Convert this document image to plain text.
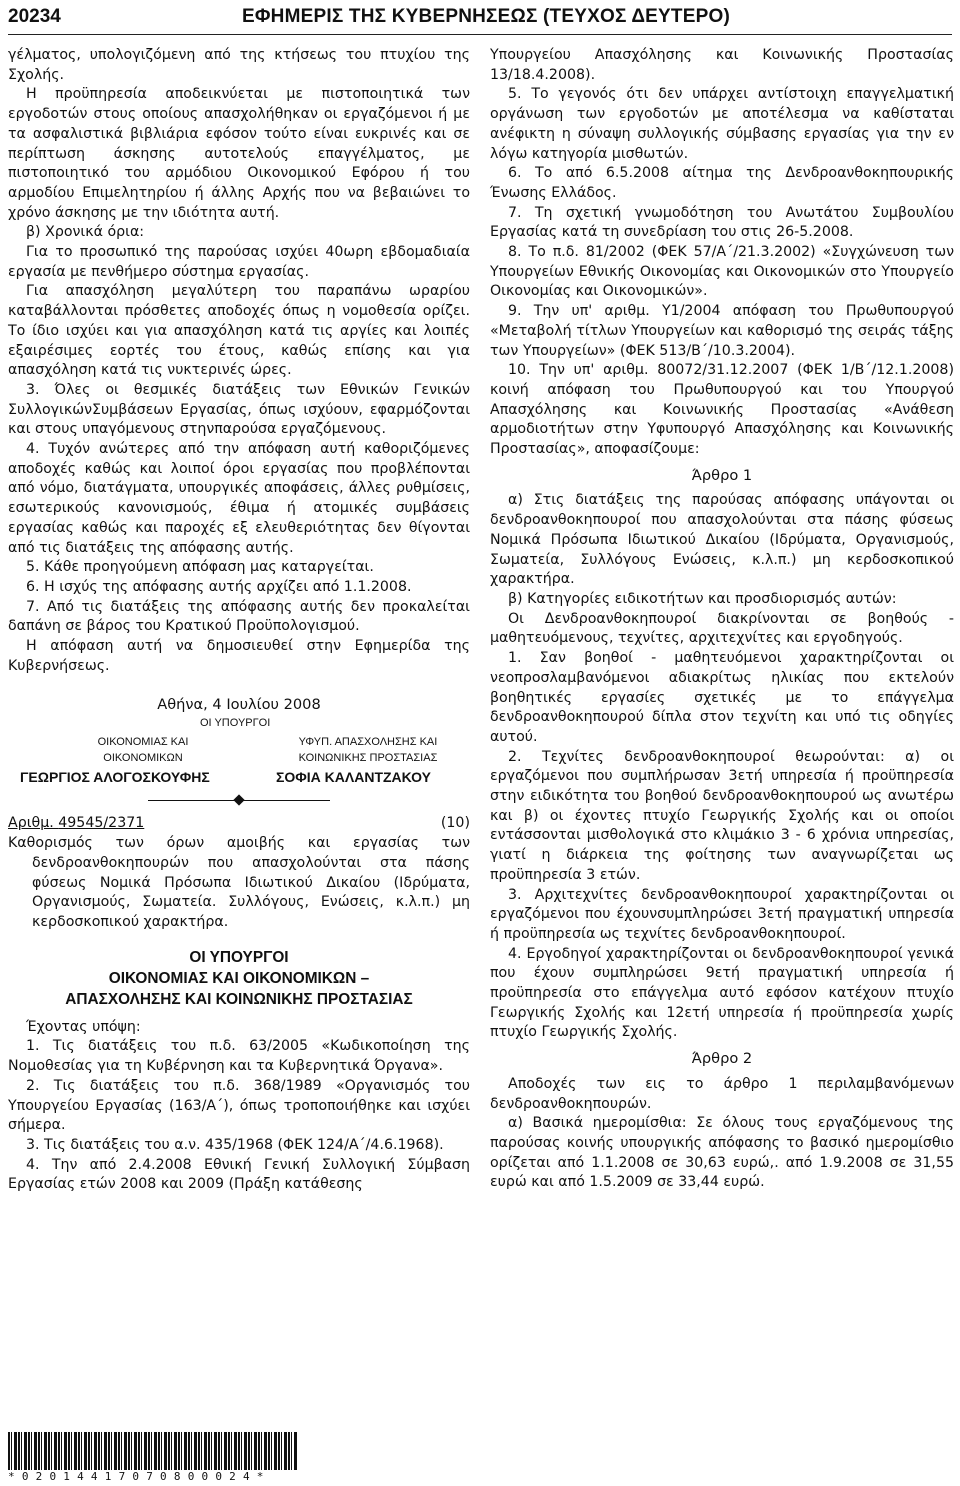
20234	ΕΦΗΜΕΡΙΣ ΤΗΣ ΚΥΒΕΡΝΗΣΕΩΣ (ΤΕΥΧΟΣ ΔΕΥΤΕΡΟ)

γέλματος, υπολογιζόμενη από της κτήσεως του πτυχίου της Σχολής.

Η προϋπηρεσία αποδεικνύεται με πιστοποιητικά των εργοδοτών στους οποίους απασχολήθηκαν οι εργαζόμενοι ή με τα ασφαλιστικά βιβλιάρια εφόσον τούτο είναι ευκρινές και σε περίπτωση άσκησης αυτοτελούς επαγγέλματος, με πιστοποιητικό του αρμόδιου Οικονομικού Εφόρου ή του αρμοδίου Επιμελητηρίου ή άλλης Αρχής που να βεβαιώνει το χρόνο άσκησης με την ιδιότητα αυτή.

β) Χρονικά όρια:

Για το προσωπικό της παρούσας ισχύει 40ωρη εβδομαδιαία εργασία με πενθήμερο σύστημα εργασίας.

Για απασχόληση μεγαλύτερη του παραπάνω ωραρίου καταβάλλονται πρόσθετες αποδοχές όπως η νομοθεσία ορίζει. Το ίδιο ισχύει και για απασχόληση κατά τις αργίες και λοιπές εξαιρέσιμες εορτές του έτους, καθώς επίσης και για απασχόληση κατά τις νυκτερινές ώρες.

3. Όλες οι θεσμικές διατάξεις των Εθνικών Γενικών ΣυλλογικώνΣυμβάσεων Εργασίας, όπως ισχύουν, εφαρμόζονται και στους υπαγόμενους στηνπαρούσα εργαζόμενους.

4. Τυχόν ανώτερες από την απόφαση αυτή καθοριζόμενες αποδοχές καθώς και λοιποί όροι εργασίας που προβλέπονται από νόμο, διατάγματα, υπουργικές αποφάσεις, άλλες ρυθμίσεις, εσωτερικούς κανονισμούς, έθιμα ή ατομικές συμβάσεις εργασίας καθώς και παροχές εξ ελευθεριότητας δεν θίγονται από τις διατάξεις της απόφασης αυτής.

5. Κάθε προηγούμενη απόφαση μας καταργείται.

6. Η ισχύς της απόφασης αυτής αρχίζει από 1.1.2008.

7. Από τις διατάξεις της απόφασης αυτής δεν προκαλείται δαπάνη σε βάρος του Κρατικού Προϋπολογισμού.

Η απόφαση αυτή να δημοσιευθεί στην Εφημερίδα της Κυβερνήσεως.

Αθήνα, 4 Ιουλίου 2008

ΟΙ ΥΠΟΥΡΓΟΙ
ΟΙΚΟΝΟΜΙΑΣ ΚΑΙ
ΟΙΚΟΝΟΜΙΚΩΝ
ΥΦΥΠ. ΑΠΑΣΧΟΛΗΣΗΣ ΚΑΙ
ΚΟΙΝΩΝΙΚΗΣ ΠΡΟΣΤΑΣΙΑΣ
ΓΕΩΡΓΙΟΣ ΑΛΟΓΟΣΚΟΥΦΗΣ	ΣΟΦΙΑ ΚΑΛΑΝΤΖΑΚΟΥ
Αριθμ. 49545/2371	(10)

Καθορισμός των όρων αμοιβής και εργασίας των δενδροανθοκηπουρών που απασχολούνται στα πάσης φύσεως Νομικά Πρόσωπα Ιδιωτικού Δικαίου (Ιδρύματα, Οργανισμούς, Σωματεία. Συλλόγους, Ενώσεις, κ.λ.π.) μη κερδοσκοπικού χαρακτήρα.

ΟΙ ΥΠΟΥΡΓΟΙ

ΟΙΚΟΝΟΜΙΑΣ ΚΑΙ ΟΙΚΟΝΟΜΙΚΩΝ –

ΑΠΑΣΧΟΛΗΣΗΣ ΚΑΙ ΚΟΙΝΩΝΙΚΗΣ ΠΡΟΣΤΑΣΙΑΣ

Έχοντας υπόψη:

1. Τις διατάξεις του π.δ. 63/2005 «Κωδικοποίηση της Νομοθεσίας για τη Κυβέρνηση και τα Κυβερνητικά Όργανα».

2. Τις διατάξεις του π.δ. 368/1989 «Οργανισμός του Υπουργείου Εργασίας (163/Α΄), όπως τροποποιήθηκε και ισχύει σήμερα.

3. Τις διατάξεις του α.ν. 435/1968 (ΦΕΚ 124/Α΄/4.6.1968).

4. Την από 2.4.2008 Εθνική Γενική Συλλογική Σύμβαση Εργασίας ετών 2008 και 2009 (Πράξη κατάθεσης

Υπουργείου Απασχόλησης και Κοινωνικής Προστασίας 13/18.4.2008).

5. Το γεγονός ότι δεν υπάρχει αντίστοιχη επαγγελματική οργάνωση των εργοδοτών με αποτέλεσμα να καθίσταται ανέφικτη η σύναψη συλλογικής σύμβασης εργασίας για την εν λόγω κατηγορία μισθωτών.

6. Το από 6.5.2008 αίτημα της Δενδροανθοκηπουρικής Ένωσης Ελλάδος.

7. Τη σχετική γνωμοδότηση του Ανωτάτου Συμβουλίου Εργασίας κατά τη συνεδρίαση του στις 26-5.2008.

8. Το π.δ. 81/2002 (ΦΕΚ 57/Α΄/21.3.2002) «Συγχώνευση των Υπουργείων Εθνικής Οικονομίας και Οικονομικών στο Υπουργείο Οικονομίας και Οικονομικών».

9. Την υπ' αριθμ. Υ1/2004 απόφαση του Πρωθυπουργού «Μεταβολή τίτλων Υπουργείων και καθορισμό της σειράς τάξης των Υπουργείων» (ΦΕΚ 513/Β΄/10.3.2004).

10. Την υπ' αριθμ. 80072/31.12.2007 (ΦΕΚ 1/Β΄/12.1.2008) κοινή απόφαση του Πρωθυπουργού και του Υπουργού Απασχόλησης και Κοινωνικής Προστασίας «Ανάθεση αρμοδιοτήτων στην Υφυπουργό Απασχόλησης και Κοινωνικής Προστασίας», αποφασίζουμε:

Άρθρο 1

α) Στις διατάξεις της παρούσας απόφασης υπάγονται οι δενδροανθοκηπουροί που απασχολούνται στα πάσης φύσεως Νομικά Πρόσωπα Ιδιωτικού Δικαίου (Ιδρύματα, Οργανισμούς, Σωματεία, Συλλόγους Ενώσεις, κ.λ.π.) μη κερδοσκοπικού χαρακτήρα.

β) Κατηγορίες ειδικοτήτων και προσδιορισμός αυτών:

Οι Δενδροανθοκηπουροί διακρίνονται σε βοηθούς - μαθητευόμενους, τεχνίτες, αρχιτεχνίτες και εργοδηγούς.

1. Σαν βοηθοί - μαθητευόμενοι χαρακτηρίζονται οι νεοπροσλαμβανόμενοι αδιακρίτως ηλικίας που εκτελούν βοηθητικές εργασίες σχετικές με το επάγγελμα δενδροανθοκηπουρού δίπλα στον τεχνίτη και υπό τις οδηγίες αυτού.

2. Τεχνίτες δενδροανθοκηπουροί θεωρούνται: α) οι εργαζόμενοι που συμπλήρωσαν 3ετή υπηρεσία ή προϋπηρεσία στην ειδικότητα του βοηθού δενδροανθοκηπουρού ως ανωτέρω και β) οι έχοντες πτυχίο Γεωργικής Σχολής και οι οποίοι εντάσσονται μισθολογικά στο κλιμάκιο 3 - 6 χρόνια υπηρεσίας, γιατί η διάρκεια της φοίτησης των αναγνωρίζεται ως προϋπηρεσία 3 ετών.

3. Αρχιτεχνίτες δενδροανθοκηπουροί χαρακτηρίζονται οι εργαζόμενοι που έχουνσυμπληρώσει 3ετή πραγματική υπηρεσία ή προϋπηρεσία ως τεχνίτες δενδροανθοκηπουροί.

4. Εργοδηγοί χαρακτηρίζονται οι δενδροανθοκηπουροί γενικά που έχουν συμπληρώσει 9ετή πραγματική υπηρεσία ή προϋπηρεσία στο επάγγελμα αυτό εφόσον κατέχουν πτυχίο Γεωργικής Σχολής και 12ετή υπηρεσία ή προϋπηρεσία χωρίς πτυχίο Γεωργικής Σχολής.

Άρθρο 2

Αποδοχές των εις το άρθρο 1 περιλαμβανόμενων δενδροανθοκηπουρών.

α) Βασικά ημερομίσθια: Σε όλους τους εργαζόμενους της παρούσας κοινής υπουργικής απόφασης το βασικό ημερομίσθιο ορίζεται από 1.1.2008 σε 30,63 ευρώ,. από 1.9.2008 σε 31,55 ευρώ και από 1.5.2009 σε 33,44 ευρώ.

*02014417070800024*
